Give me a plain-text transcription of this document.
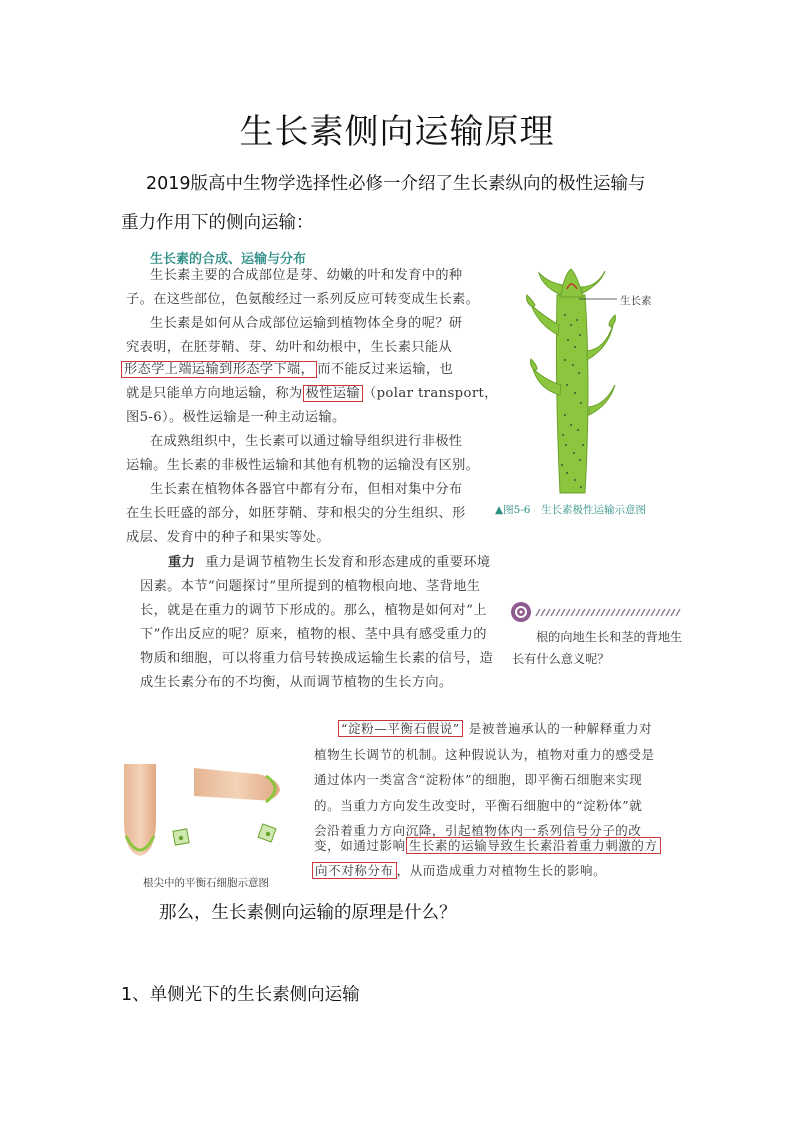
生长素侧向运输原理
2019版高中生物学选择性必修一介绍了生长素纵向的极性运输与
重力作用下的侧向运输：
生长素的合成、运输与分布
生长素主要的合成部位是芽、幼嫩的叶和发育中的种
子。在这些部位，色氨酸经过一系列反应可转变成生长素。
生长素是如何从合成部位运输到植物体全身的呢？研
究表明，在胚芽鞘、芽、幼叶和幼根中，生长素只能从
形态学上端运输到形态学下端， 而不能反过来运输，也
就是只能单方向地运输，称为 极性运输 （polar transport，
图5-6）。极性运输是一种主动运输。
在成熟组织中，生长素可以通过输导组织进行非极性
运输。生长素的非极性运输和其他有机物的运输没有区别。
生长素在植物体各器官中都有分布，但相对集中分布
在生长旺盛的部分，如胚芽鞘、芽和根尖的分生组织、形
成层、发育中的种子和果实等处。
生长素
▲图5-6　生长素极性运输示意图
重力 重力是调节植物生长发育和形态建成的重要环境
因素。本节“问题探讨”里所提到的植物根向地、茎背地生
长，就是在重力的调节下形成的。那么，植物是如何对“上
下”作出反应的呢？原来，植物的根、茎中具有感受重力的
物质和细胞，可以将重力信号转换成运输生长素的信号，造
成生长素分布的不均衡，从而调节植物的生长方向。
根的向地生长和茎的背地生
长有什么意义呢？
“淀粉—平衡石假说” 是被普遍承认的一种解释重力对
植物生长调节的机制。这种假说认为，植物对重力的感受是
通过体内一类富含“淀粉体”的细胞，即平衡石细胞来实现
的。当重力方向发生改变时，平衡石细胞中的“淀粉体”就
会沿着重力方向沉降，引起植物体内一系列信号分子的改
变，如通过影响 生长素的运输导致生长素沿着重力刺激的方
向不对称分布 ，从而造成重力对植物生长的影响。
根尖中的平衡石细胞示意图
那么，生长素侧向运输的原理是什么？
1、单侧光下的生长素侧向运输
